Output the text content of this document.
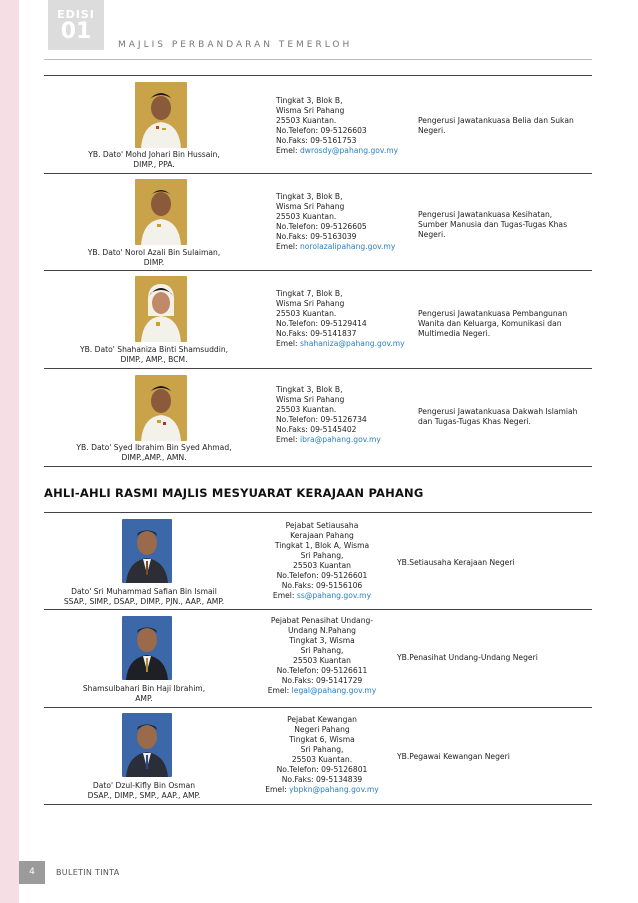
EDISI
01
MAJLIS PERBANDARAN TEMERLOH
YB. Dato' Mohd Johari Bin Hussain,
DIMP., PPA.
Tingkat 3, Blok B,
Wisma Sri Pahang
25503 Kuantan.
No.Telefon: 09-5126603
No.Faks: 09-5161753
Emel: dwrosdy@pahang.gov.my
Pengerusi Jawatankuasa Belia dan Sukan
Negeri.
YB. Dato' Norol Azali Bin Sulaiman,
DIMP.
Tingkat 3, Blok B,
Wisma Sri Pahang
25503 Kuantan.
No.Telefon: 09-5126605
No.Faks: 09-5163039
Emel: norolazalipahang.gov.my
Pengerusi Jawatankuasa Kesihatan,
Sumber Manusia dan Tugas-Tugas Khas
Negeri.
YB. Dato' Shahaniza Binti Shamsuddin,
DIMP., AMP., BCM.
Tingkat 7, Blok B,
Wisma Sri Pahang
25503 Kuantan.
No.Telefon: 09-5129414
No.Faks: 09-5141837
Emel: shahaniza@pahang.gov.my
Pengerusi Jawatankuasa Pembangunan
Wanita dan Keluarga, Komunikasi dan
Multimedia Negeri.
YB. Dato' Syed Ibrahim Bin Syed Ahmad,
DIMP.,AMP., AMN.
Tingkat 3, Blok B,
Wisma Sri Pahang
25503 Kuantan.
No.Telefon: 09-5126734
No.Faks: 09-5145402
Emel: ibra@pahang.gov.my
Pengerusi Jawatankuasa Dakwah Islamiah
dan Tugas-Tugas Khas Negeri.
AHLI-AHLI RASMI MAJLIS MESYUARAT KERAJAAN PAHANG
Dato' Sri Muhammad Safian Bin Ismail
SSAP., SIMP., DSAP., DIMP., PJN., AAP., AMP.
Pejabat Setiausaha
Kerajaan Pahang
Tingkat 1, Blok A, Wisma
Sri Pahang,
25503 Kuantan
No.Telefon: 09-5126601
No.Faks: 09-5156106
Emel: ss@pahang.gov.my
YB.Setiausaha Kerajaan Negeri
Shamsulbahari Bin Haji Ibrahim,
AMP.
Pejabat Penasihat Undang-
Undang N.Pahang
Tingkat 3, Wisma
Sri Pahang,
25503 Kuantan
No.Telefon: 09-5126611
No.Faks: 09-5141729
Emel: legal@pahang.gov.my
YB.Penasihat Undang-Undang Negeri
Dato' Dzul-Kifly Bin Osman
DSAP., DIMP., SMP., AAP., AMP.
Pejabat Kewangan
Negeri Pahang
Tingkat 6, Wisma
Sri Pahang,
25503 Kuantan.
No.Telefon: 09-5126801
No.Faks: 09-5134839
Emel: ybpkn@pahang.gov.my
YB.Pegawai Kewangan Negeri
4	BULETIN TINTA
